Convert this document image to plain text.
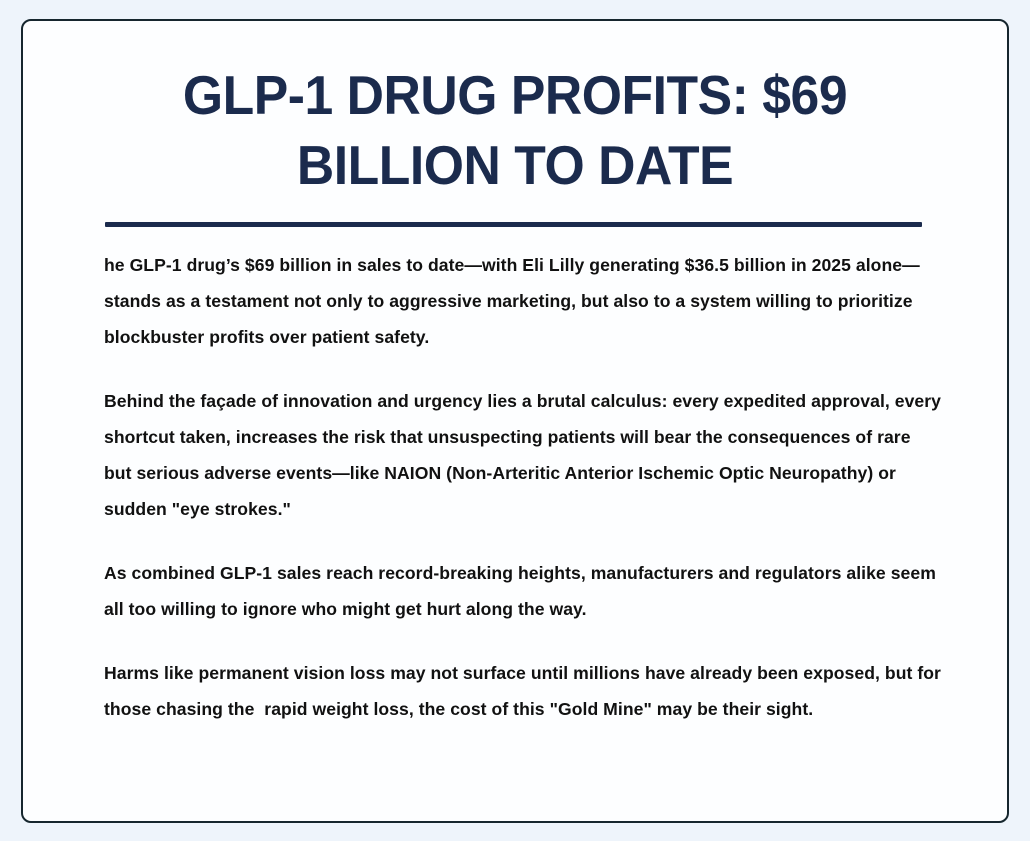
GLP-1 DRUG PROFITS: $69 BILLION TO DATE

he GLP-1 drug’s $69 billion in sales to date—with Eli Lilly generating $36.5 billion in 2025 alone—stands as a testament not only to aggressive marketing, but also to a system willing to prioritize blockbuster profits over patient safety.

Behind the façade of innovation and urgency lies a brutal calculus: every expedited approval, every shortcut taken, increases the risk that unsuspecting patients will bear the consequences of rare but serious adverse events—like NAION (Non-Arteritic Anterior Ischemic Optic Neuropathy) or sudden "eye strokes."

As combined GLP-1 sales reach record-breaking heights, manufacturers and regulators alike seem all too willing to ignore who might get hurt along the way.

Harms like permanent vision loss may not surface until millions have already been exposed, but for those chasing the  rapid weight loss, the cost of this "Gold Mine" may be their sight.
